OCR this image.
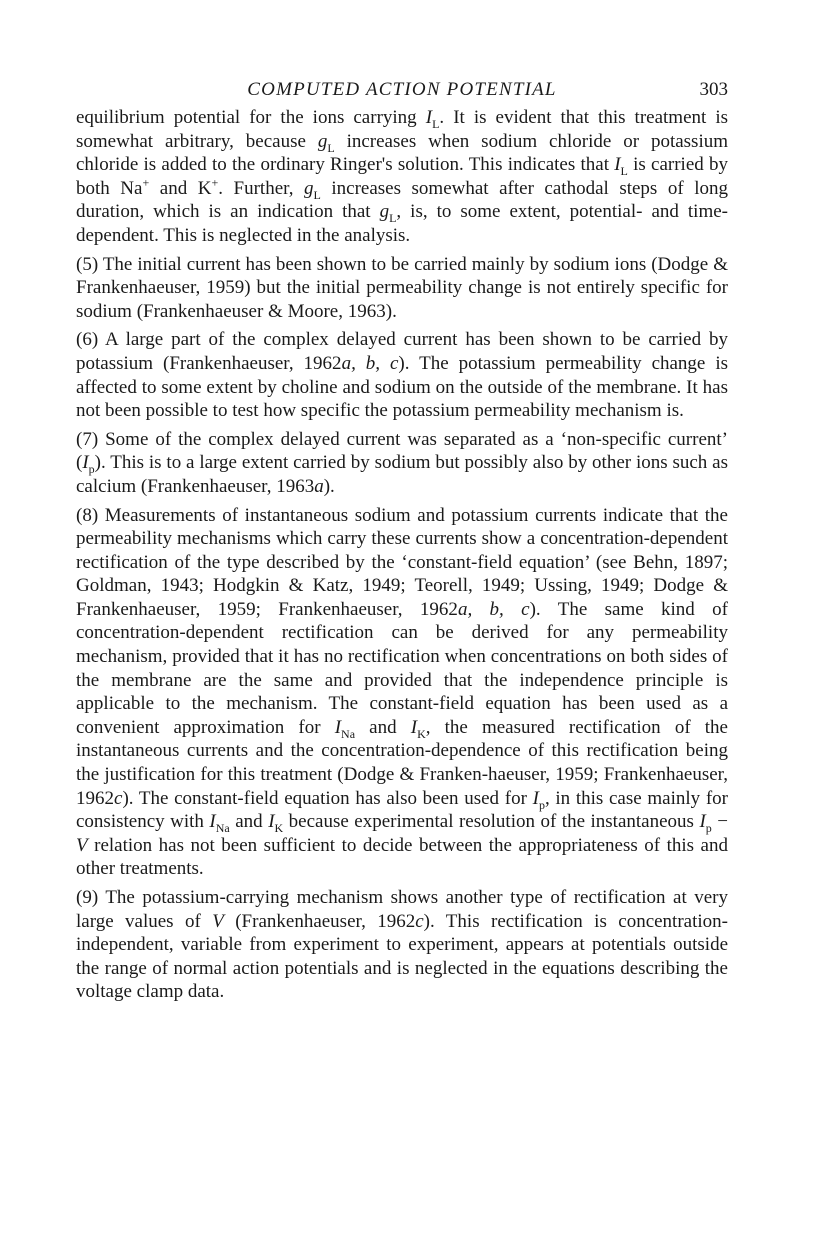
COMPUTED ACTION POTENTIAL	303

equilibrium potential for the ions carrying $I_L$. It is evident that this treatment is somewhat arbitrary, because $g_L$ increases when sodium chloride or potassium chloride is added to the ordinary Ringer's solution. This indicates that $I_L$ is carried by both Na+ and K+. Further, $g_L$ increases somewhat after cathodal steps of long duration, which is an indication that $g_L$, is, to some extent, potential- and time-dependent. This is neglected in the analysis.

(5) The initial current has been shown to be carried mainly by sodium ions (Dodge & Frankenhaeuser, 1959) but the initial permeability change is not entirely specific for sodium (Frankenhaeuser & Moore, 1963).

(6) A large part of the complex delayed current has been shown to be carried by potassium (Frankenhaeuser, 1962a, b, c). The potassium permeability change is affected to some extent by choline and sodium on the outside of the membrane. It has not been possible to test how specific the potassium permeability mechanism is.

(7) Some of the complex delayed current was separated as a ‘non-specific current’ $(I_p)$. This is to a large extent carried by sodium but possibly also by other ions such as calcium (Frankenhaeuser, 1963a).

(8) Measurements of instantaneous sodium and potassium currents indicate that the permeability mechanisms which carry these currents show a concentration-dependent rectification of the type described by the ‘constant-field equation’ (see Behn, 1897; Goldman, 1943; Hodgkin & Katz, 1949; Teorell, 1949; Ussing, 1949; Dodge & Frankenhaeuser, 1959; Frankenhaeuser, 1962a, b, c). The same kind of concentration-dependent rectification can be derived for any permeability mechanism, provided that it has no rectification when concentrations on both sides of the membrane are the same and provided that the independence principle is applicable to the mechanism. The constant-field equation has been used as a convenient approximation for $I_{Na}$ and $I_K$, the measured rectification of the instantaneous currents and the concentration-dependence of this rectification being the justification for this treatment (Dodge & Franken-haeuser, 1959; Frankenhaeuser, 1962c). The constant-field equation has also been used for $I_p$, in this case mainly for consistency with $I_{Na}$ and $I_K$ because experimental resolution of the instantaneous $I_p - V$ relation has not been sufficient to decide between the appropriateness of this and other treatments.

(9) The potassium-carrying mechanism shows another type of rectification at very large values of V (Frankenhaeuser, 1962c). This rectification is concentration-independent, variable from experiment to experiment, appears at potentials outside the range of normal action potentials and is neglected in the equations describing the voltage clamp data.
